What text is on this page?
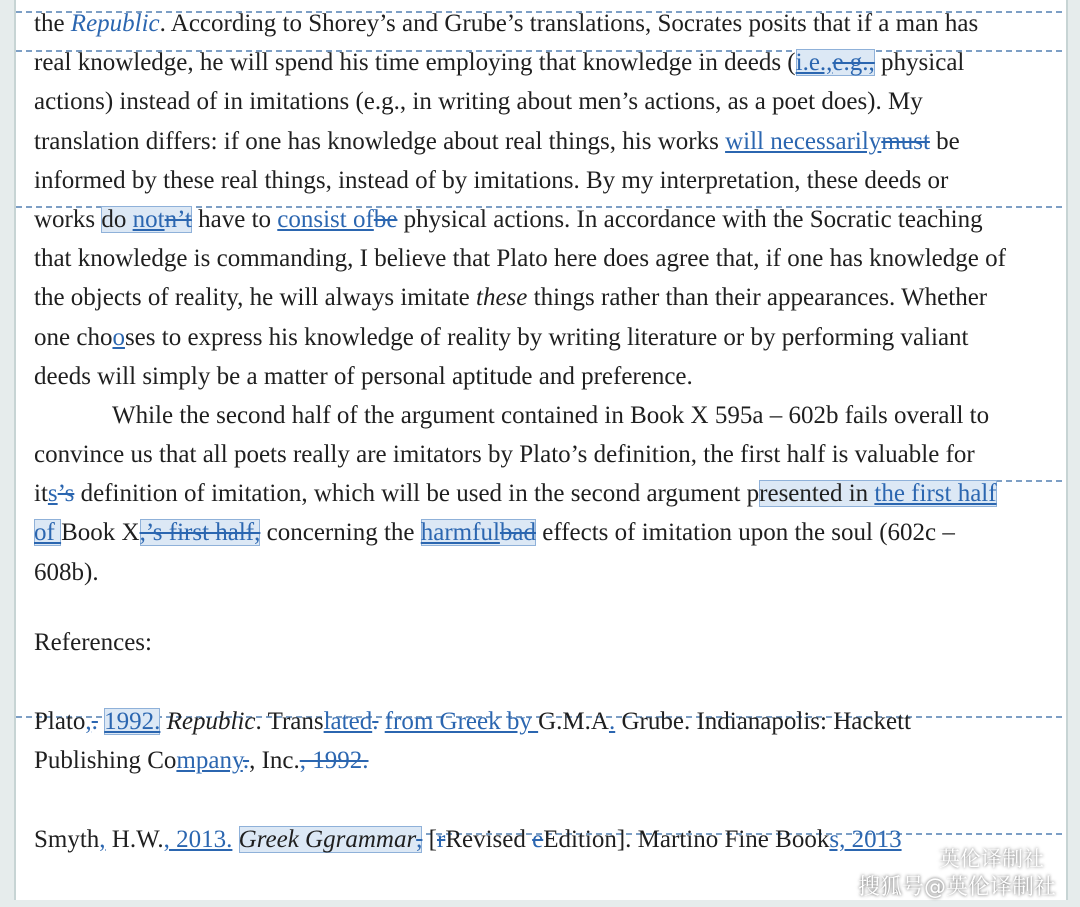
the Republic. According to Shorey’s and Grube’s translations, Socrates posits that if a man has
real knowledge, he will spend his time employing that knowledge in deeds (i.e.,e.g., physical
actions) instead of in imitations (e.g., in writing about men’s actions, as a poet does). My
translation differs: if one has knowledge about real things, his works will necessarilymust be
informed by these real things, instead of by imitations. By my interpretation, these deeds or
works do notn’t have to consist ofbe physical actions. In accordance with the Socratic teaching
that knowledge is commanding, I believe that Plato here does agree that, if one has knowledge of
the objects of reality, he will always imitate these things rather than their appearances. Whether
one chooses to express his knowledge of reality by writing literature or by performing valiant
deeds will simply be a matter of personal aptitude and preference.
While the second half of the argument contained in Book X 595a – 602b fails overall to
convince us that all poets really are imitators by Plato’s definition, the first half is valuable for
its’s definition of imitation, which will be used in the second argument presented in the first half
of Book X,’s first half, concerning the harmfulbad effects of imitation upon the soul (602c –
608b).
References:
Plato,. 1992. Republic. Translated. from Greek by G.M.A. Grube. Indianapolis: Hackett
Publishing Company., Inc., 1992.
Smyth, H.W., 2013. Greek Ggrammar, [rRevised eEdition]. Martino Fine Books, 2013
英伦译制社
搜狐号@英伦译制社
